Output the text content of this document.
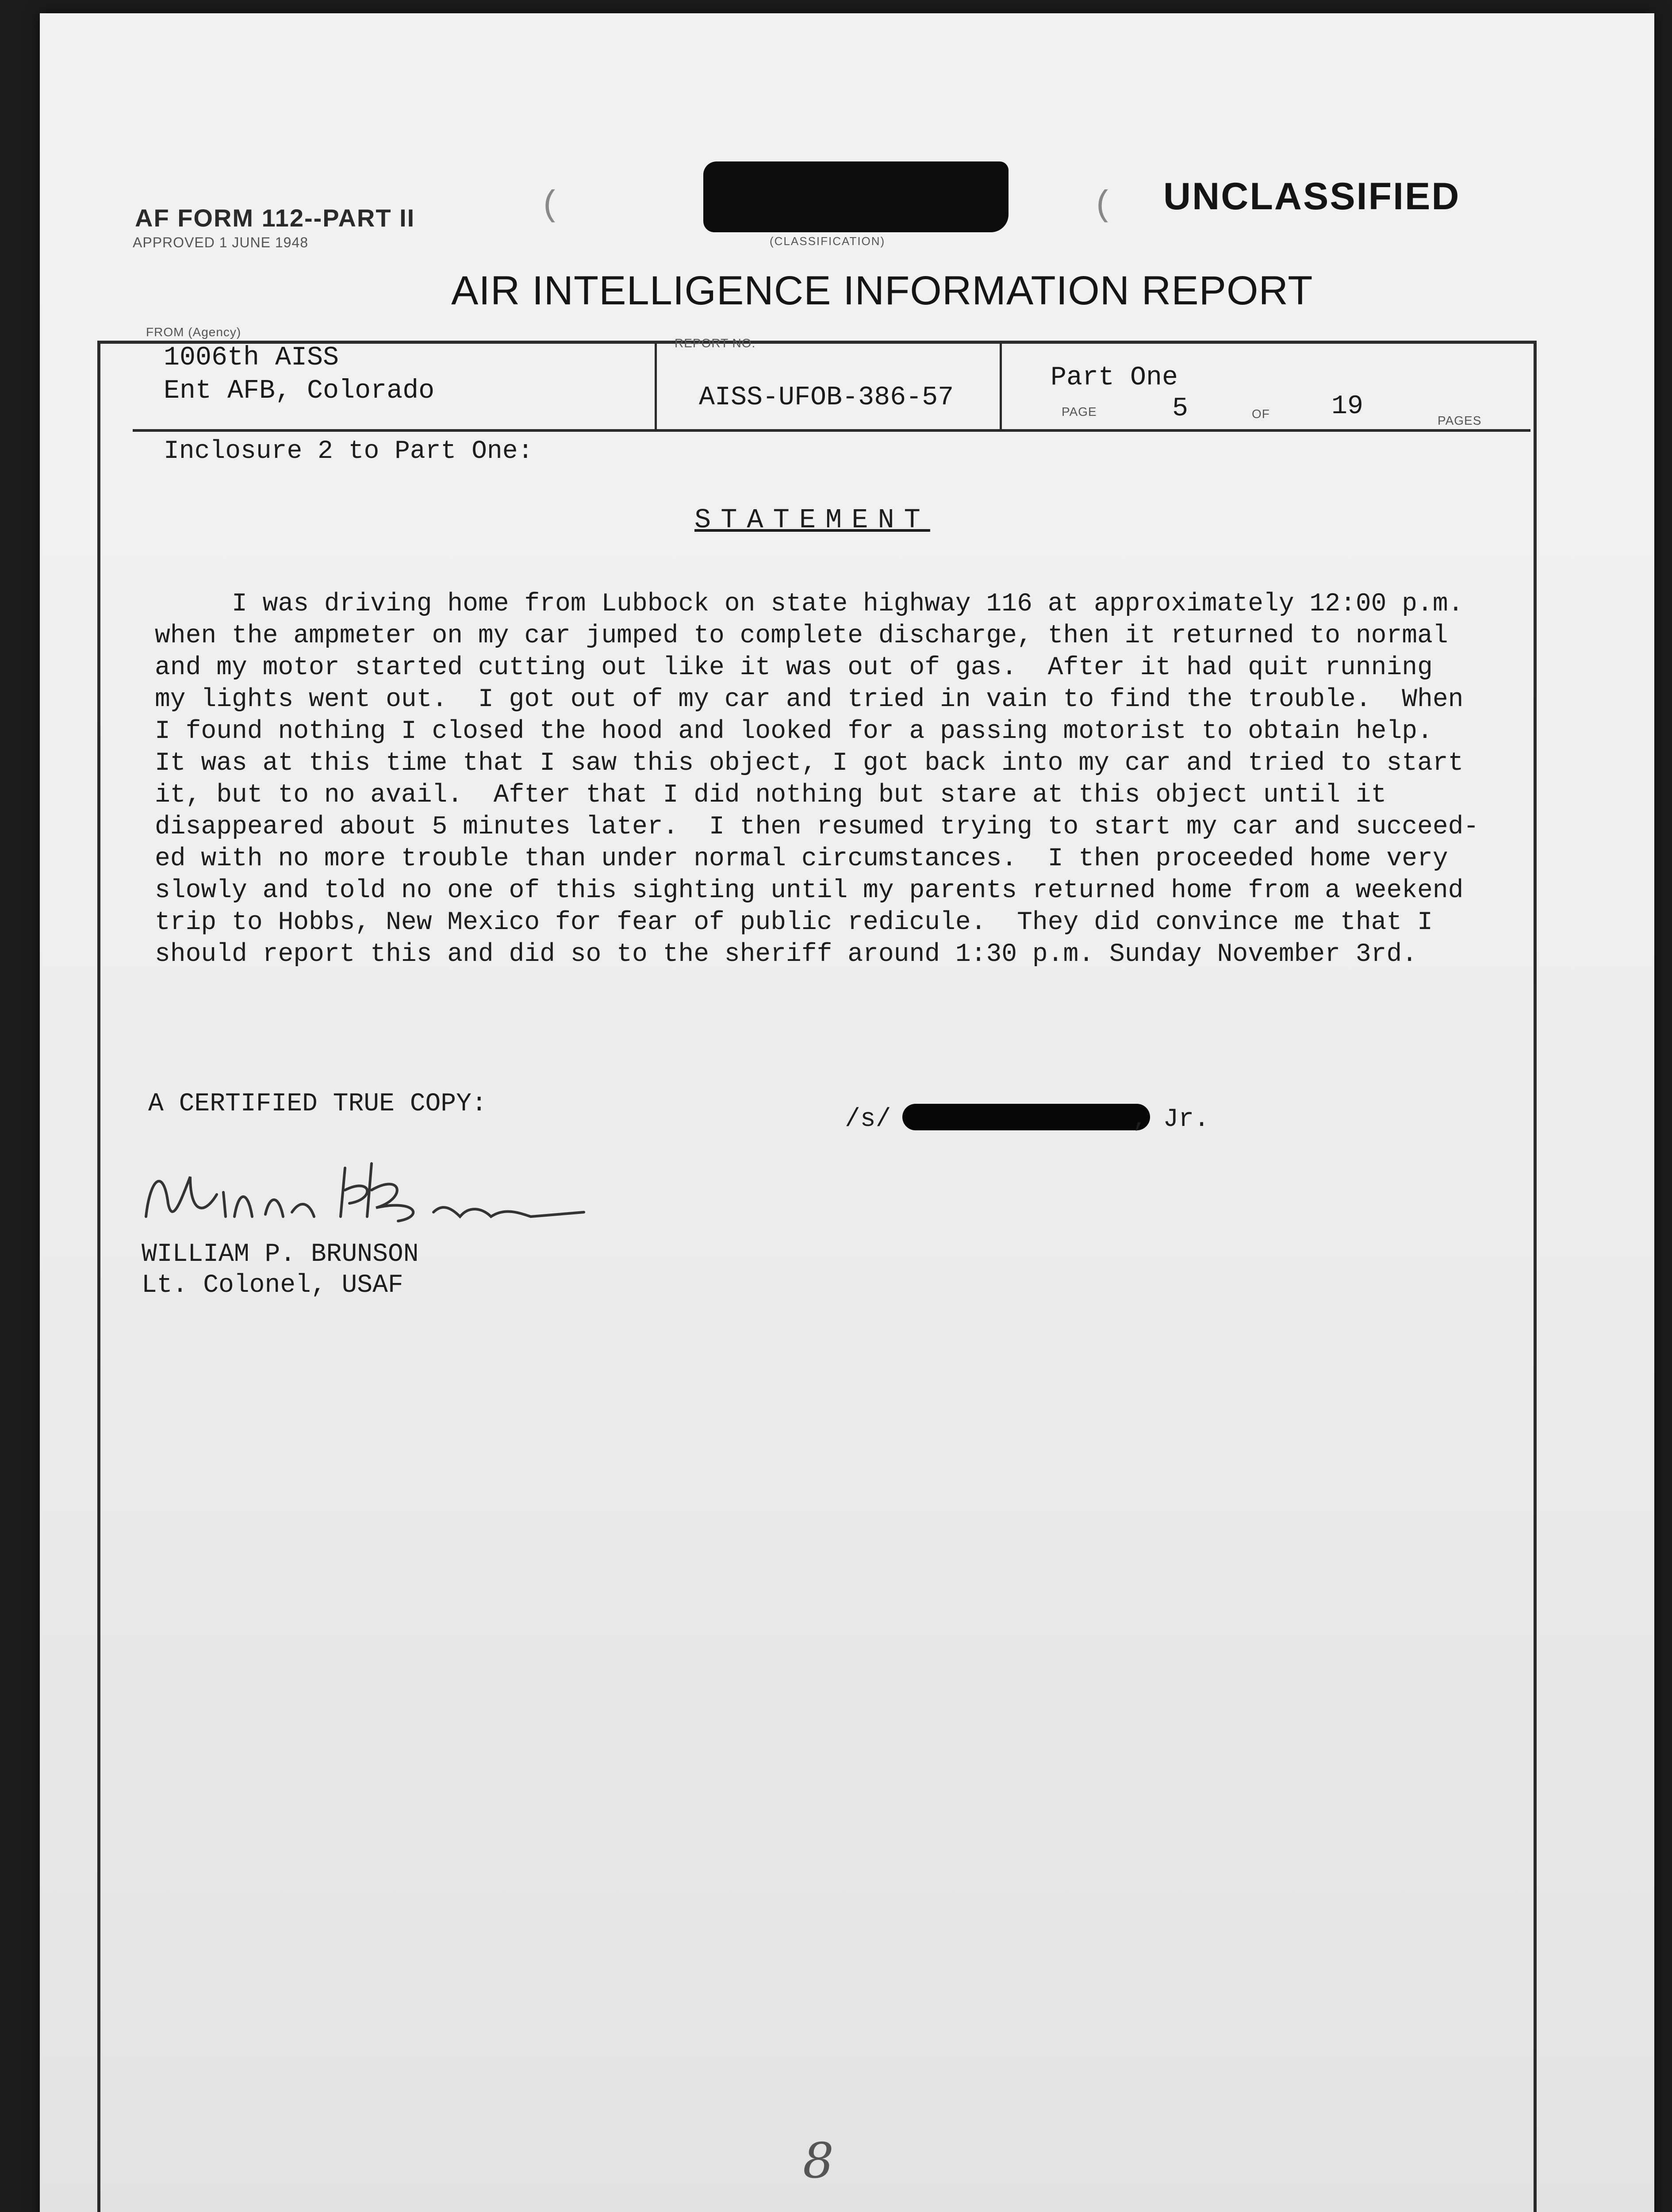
AF FORM 112--PART II
APPROVED 1 JUNE 1948
(	(
(CLASSIFICATION)
UNCLASSIFIED
AIR INTELLIGENCE INFORMATION REPORT
FROM (Agency)
1006th AISS
Ent AFB, Colorado
REPORT NO.
AISS-UFOB-386-57
Part One
PAGE	5	OF 19	PAGES
Inclosure 2 to Part One:
STATEMENT
I was driving home from Lubbock on state highway 116 at approximately 12:00 p.m.
when the ampmeter on my car jumped to complete discharge, then it returned to normal
and my motor started cutting out like it was out of gas.  After it had quit running
my lights went out.  I got out of my car and tried in vain to find the trouble.  When
I found nothing I closed the hood and looked for a passing motorist to obtain help.
It was at this time that I saw this object, I got back into my car and tried to start
it, but to no avail.  After that I did nothing but stare at this object until it
disappeared about 5 minutes later.  I then resumed trying to start my car and succeed-
ed with no more trouble than under normal circumstances.  I then proceeded home very
slowly and told no one of this sighting until my parents returned home from a weekend
trip to Hobbs, New Mexico for fear of public redicule.  They did convince me that I
should report this and did so to the sheriff around 1:30 p.m. Sunday November 3rd.
A CERTIFIED TRUE COPY:
/s/	, Jr.
WILLIAM P. BRUNSON
Lt. Colonel, USAF
8
